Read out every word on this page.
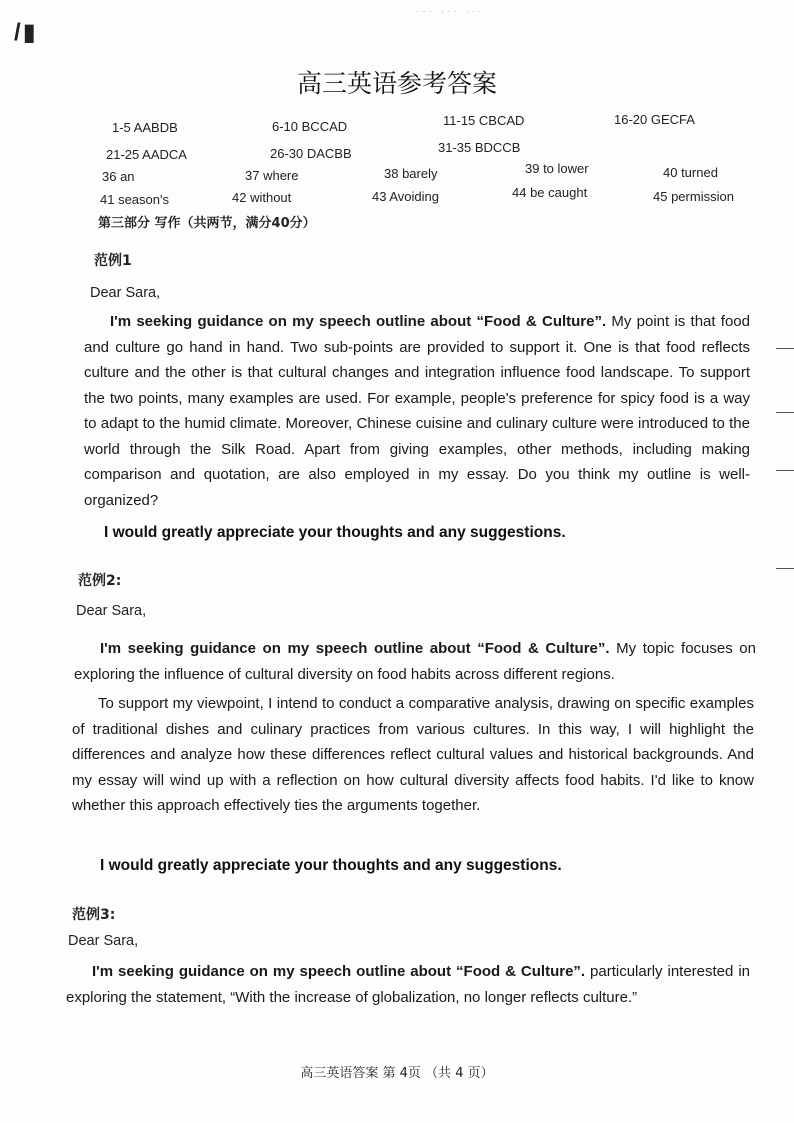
/▮
··· ··· ···
高三英语参考答案
1-5 AABDB	6-10 BCCAD	11-15 CBCAD	16-20 GECFA
21-25 AADCA	26-30 DACBB	31-35 BDCCB
36 an	37 where	38 barely	39 to lower	40 turned
41 season's	42 without	43 Avoiding	44 be caught	45 permission
第三部分 写作（共两节，满分40分）
范例1
Dear Sara,

I'm seeking guidance on my speech outline about “Food & Culture”. My point is that food and culture go hand in hand. Two sub-points are provided to support it. One is that food reflects culture and the other is that cultural changes and integration influence food landscape. To support the two points, many examples are used. For example, people's preference for spicy food is a way to adapt to the humid climate. Moreover, Chinese cuisine and culinary culture were introduced to the world through the Silk Road. Apart from giving examples, other methods, including making comparison and quotation, are also employed in my essay. Do you think my outline is well-organized?

I would greatly appreciate your thoughts and any suggestions.
范例2:
Dear Sara,

I'm seeking guidance on my speech outline about “Food & Culture”. My topic focuses on exploring the influence of cultural diversity on food habits across different regions.

To support my viewpoint, I intend to conduct a comparative analysis, drawing on specific examples of traditional dishes and culinary practices from various cultures. In this way, I will highlight the differences and analyze how these differences reflect cultural values and historical backgrounds. And my essay will wind up with a reflection on how cultural diversity affects food habits. I'd like to know whether this approach effectively ties the arguments together.

I would greatly appreciate your thoughts and any suggestions.
范例3:
Dear Sara,

I'm seeking guidance on my speech outline about “Food & Culture”. particularly interested in exploring the statement, “With the increase of globalization, no longer reflects culture.”

高三英语答案 第 4页 （共 4 页）
